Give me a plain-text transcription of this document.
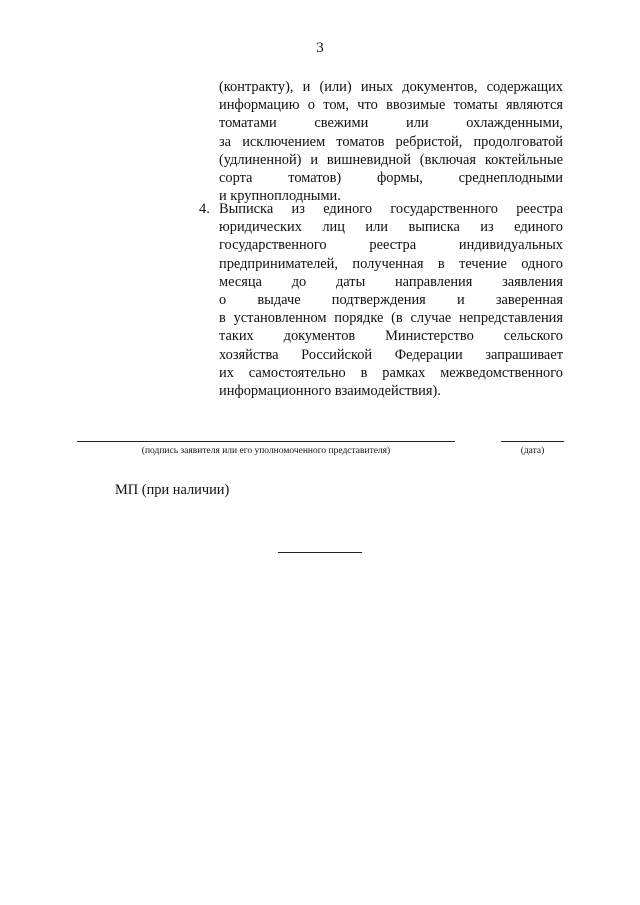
3
(контракту), и (или) иных документов, содержащих
информацию о том, что ввозимые томаты являются
томатами свежими или охлажденными,
за исключением томатов ребристой, продолговатой
(удлиненной) и вишневидной (включая коктейльные
сорта томатов) формы, среднеплодными
и крупноплодными.
4. Выписка из единого государственного реестра
юридических лиц или выписка из единого
государственного реестра индивидуальных
предпринимателей, полученная в течение одного
месяца до даты направления заявления
о выдаче подтверждения и заверенная
в установленном порядке (в случае непредставления
таких документов Министерство сельского
хозяйства Российской Федерации запрашивает
их самостоятельно в рамках межведомственного
информационного взаимодействия).
(подпись заявителя или его уполномоченного представителя)	(дата)
МП (при наличии)
